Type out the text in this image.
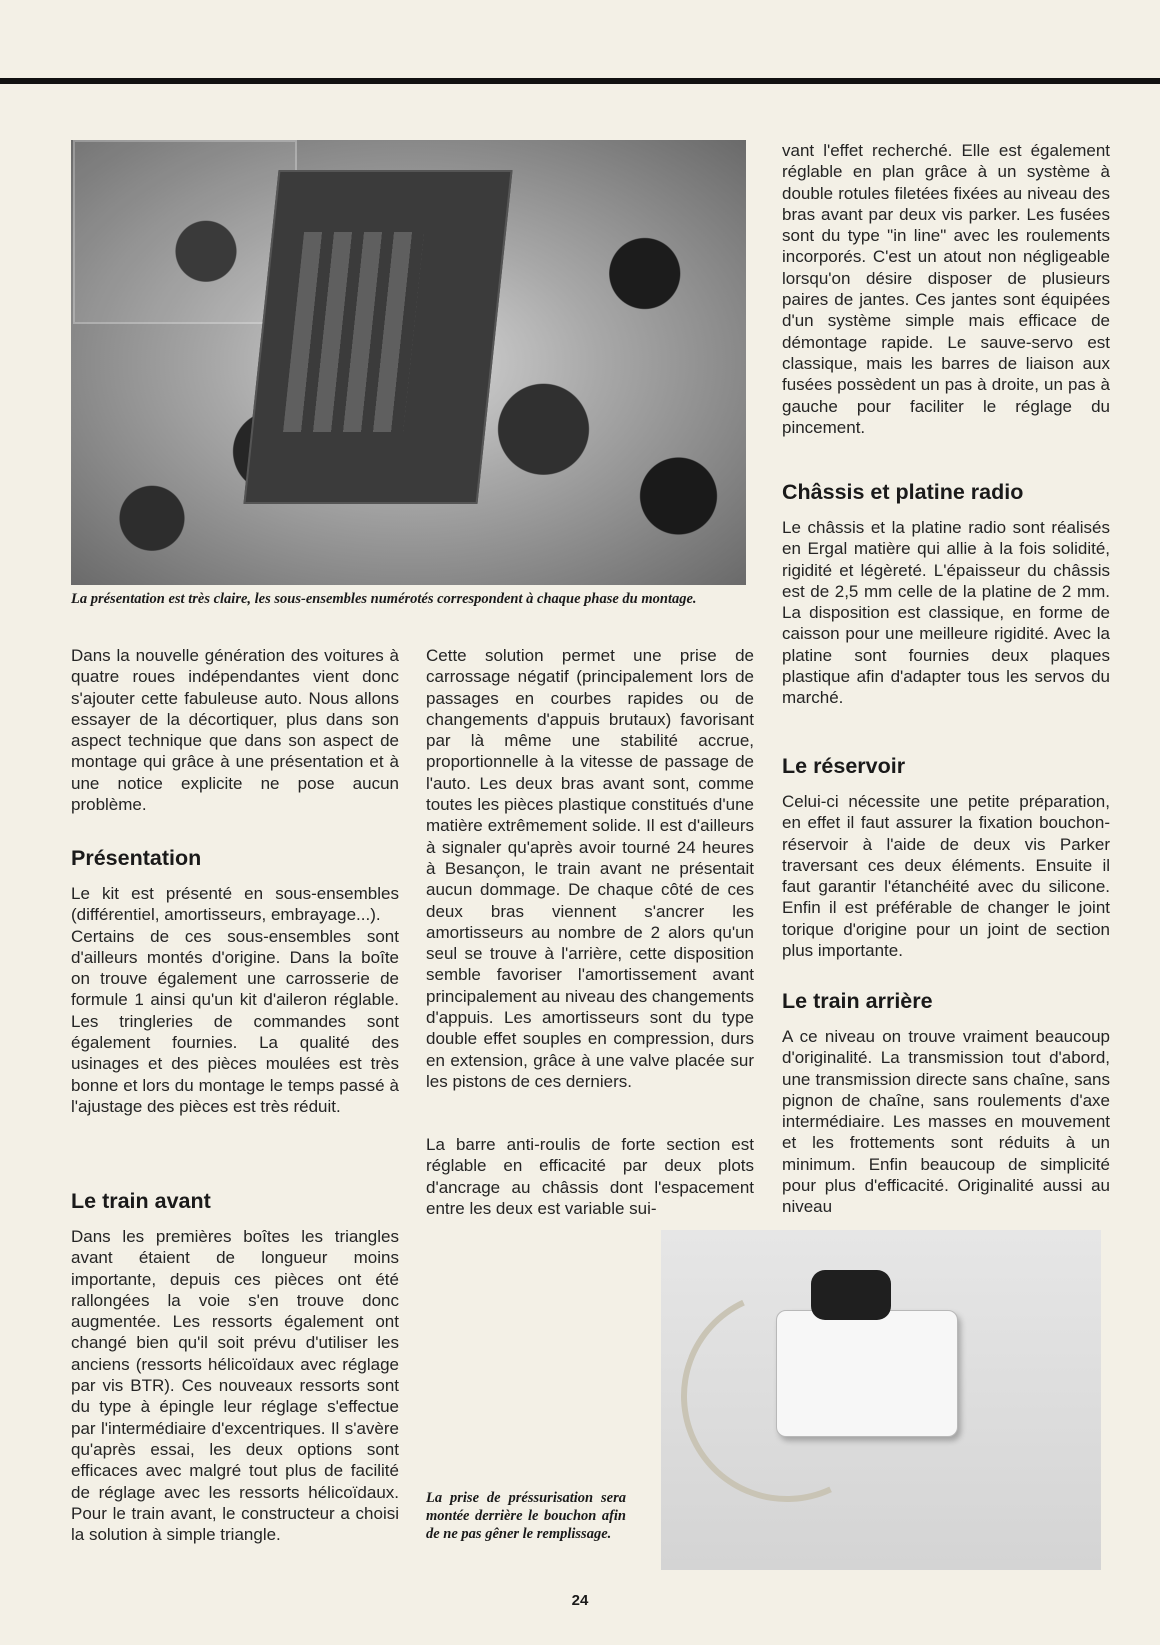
La présentation est très claire, les sous-ensembles numérotés correspondent à chaque phase du montage.
Dans la nouvelle génération des voitures à quatre roues indépendantes vient donc s'ajouter cette fabuleuse auto. Nous allons essayer de la décortiquer, plus dans son aspect technique que dans son aspect de montage qui grâce à une présentation et à une notice explicite ne pose aucun problème.
Présentation
Le kit est présenté en sous-ensembles (différentiel, amortisseurs, embrayage...).
Certains de ces sous-ensembles sont d'ailleurs montés d'origine. Dans la boîte on trouve également une carrosserie de formule 1 ainsi qu'un kit d'aileron réglable. Les tringleries de commandes sont également fournies. La qualité des usinages et des pièces moulées est très bonne et lors du montage le temps passé à l'ajustage des pièces est très réduit.
Le train avant
Dans les premières boîtes les triangles avant étaient de longueur moins importante, depuis ces pièces ont été rallongées la voie s'en trouve donc augmentée. Les ressorts également ont changé bien qu'il soit prévu d'utiliser les anciens (ressorts hélicoïdaux avec réglage par vis BTR). Ces nouveaux ressorts sont du type à épingle leur réglage s'effectue par l'intermédiaire d'excentriques. Il s'avère qu'après essai, les deux options sont efficaces avec malgré tout plus de facilité de réglage avec les ressorts hélicoïdaux. Pour le train avant, le constructeur a choisi la solution à simple triangle.
Cette solution permet une prise de carrossage négatif (principalement lors de passages en courbes rapides ou de changements d'appuis brutaux) favorisant par là même une stabilité accrue, proportionnelle à la vitesse de passage de l'auto. Les deux bras avant sont, comme toutes les pièces plastique constitués d'une matière extrêmement solide. Il est d'ailleurs à signaler qu'après avoir tourné 24 heures à Besançon, le train avant ne présentait aucun dommage. De chaque côté de ces deux bras viennent s'ancrer les amortisseurs au nombre de 2 alors qu'un seul se trouve à l'arrière, cette disposition semble favoriser l'amortissement avant principalement au niveau des changements d'appuis. Les amortisseurs sont du type double effet souples en compression, durs en extension, grâce à une valve placée sur les pistons de ces derniers.
La barre anti-roulis de forte section est réglable en efficacité par deux plots d'ancrage au châssis dont l'espacement entre les deux est variable sui-
vant l'effet recherché. Elle est également réglable en plan grâce à un système à double rotules filetées fixées au niveau des bras avant par deux vis parker. Les fusées sont du type "in line" avec les roulements incorporés. C'est un atout non négligeable lorsqu'on désire disposer de plusieurs paires de jantes. Ces jantes sont équipées d'un système simple mais efficace de démontage rapide. Le sauve-servo est classique, mais les barres de liaison aux fusées possèdent un pas à droite, un pas à gauche pour faciliter le réglage du pincement.
Châssis et platine radio
Le châssis et la platine radio sont réalisés en Ergal matière qui allie à la fois solidité, rigidité et légèreté. L'épaisseur du châssis est de 2,5 mm celle de la platine de 2 mm. La disposition est classique, en forme de caisson pour une meilleure rigidité. Avec la platine sont fournies deux plaques plastique afin d'adapter tous les servos du marché.
Le réservoir
Celui-ci nécessite une petite préparation, en effet il faut assurer la fixation bouchon-réservoir à l'aide de deux vis Parker traversant ces deux éléments. Ensuite il faut garantir l'étanchéité avec du silicone. Enfin il est préférable de changer le joint torique d'origine pour un joint de section plus importante.
Le train arrière
A ce niveau on trouve vraiment beaucoup d'originalité. La transmission tout d'abord, une transmission directe sans chaîne, sans pignon de chaîne, sans roulements d'axe intermédiaire. Les masses en mouvement et les frottements sont réduits à un minimum. Enfin beaucoup de simplicité pour plus d'efficacité. Originalité aussi au niveau
La prise de préssurisation sera montée derrière le bouchon afin de ne pas gêner le remplissage.
24
